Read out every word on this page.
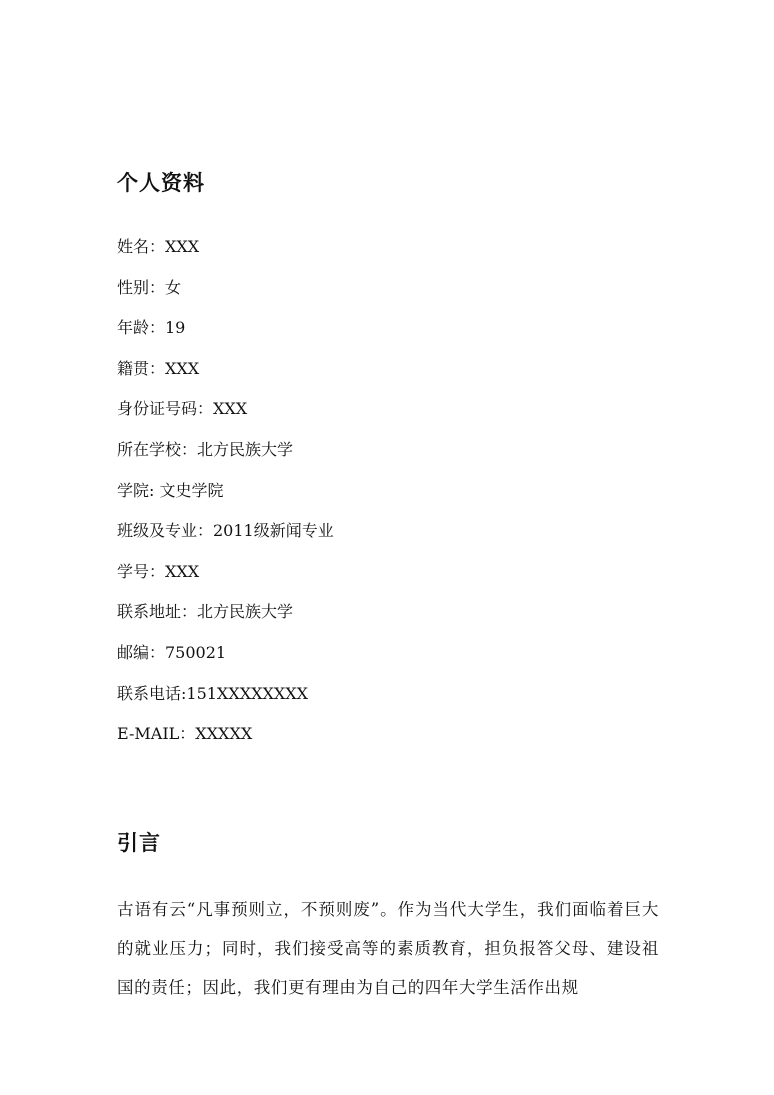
个人资料
姓名：XXX
性别：女
年龄：19
籍贯：XXX
身份证号码：XXX
所在学校：北方民族大学
学院: 文史学院
班级及专业：2011级新闻专业
学号：XXX
联系地址：北方民族大学
邮编：750021
联系电话:151XXXXXXXX
E-MAIL：XXXXX
引言

古语有云“凡事预则立，不预则废”。作为当代大学生，我们面临着巨大的就业压力；同时，我们接受高等的素质教育，担负报答父母、建设祖国的责任；因此，我们更有理由为自己的四年大学生活作出规
